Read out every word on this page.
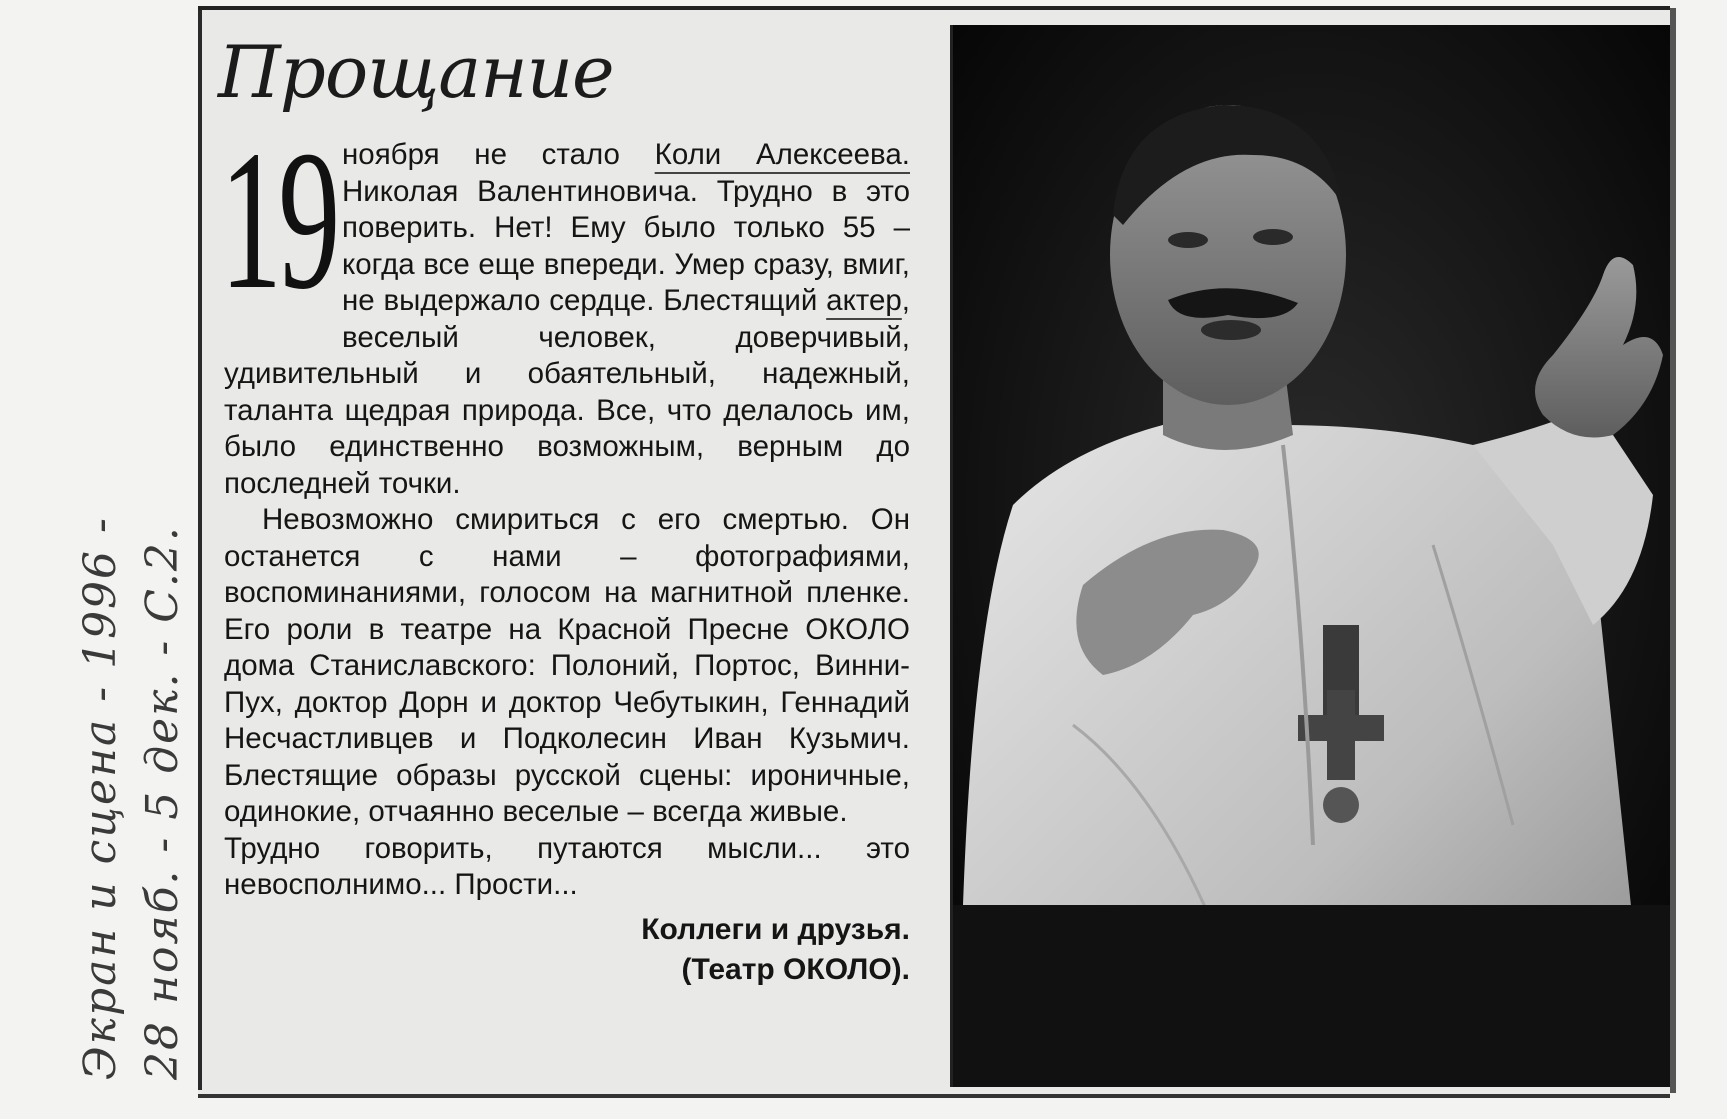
Экран и сцена - 1996 - 28 нояб. - 5 дек. - С.2.
Прощание
19 ноября не стало Коли Алексеева. Николая Валентиновича. Трудно в это поверить. Нет! Ему было только 55 – когда все еще впереди. Умер сразу, вмиг, не выдержало сердце. Блестящий актер, веселый человек, доверчивый, удивительный и обаятельный, надежный, таланта щедрая природа. Все, что делалось им, было единственно возможным, верным до последней точки.

Невозможно смириться с его смертью. Он останется с нами – фотографиями, воспоминаниями, голосом на магнитной пленке. Его роли в театре на Красной Пресне ОКОЛО дома Станиславского: Полоний, Портос, Винни-Пух, доктор Дорн и доктор Чебутыкин, Геннадий Несчастливцев и Подколесин Иван Кузьмич. Блестящие образы русской сцены: ироничные, одинокие, отчаянно веселые – всегда живые.

Трудно говорить, путаются мысли... это невосполнимо... Прости...

Коллеги и друзья.
(Театр ОКОЛО).
